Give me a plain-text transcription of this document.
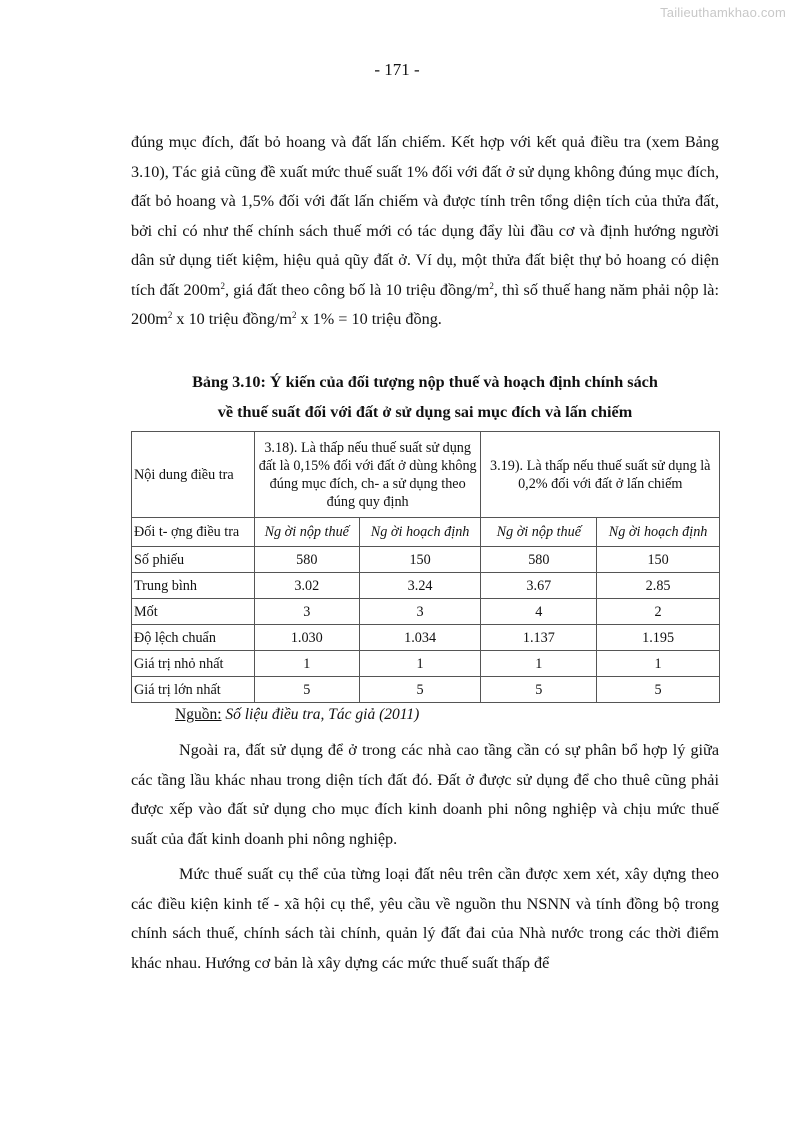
Tailieuthamkhao.com
- 171 -

đúng mục đích, đất bỏ hoang và đất lấn chiếm. Kết hợp với kết quả điều tra (xem Bảng 3.10), Tác giả cũng đề xuất mức thuế suất 1% đối với đất ở sử dụng không đúng mục đích, đất bỏ hoang và 1,5% đối với đất lấn chiếm và được tính trên tổng diện tích của thửa đất, bởi chỉ có như thế chính sách thuế mới có tác dụng đẩy lùi đầu cơ và định hướng người dân sử dụng tiết kiệm, hiệu quả qũy đất ở. Ví dụ, một thửa đất biệt thự bỏ hoang có diện tích đất $200m^2$, giá đất theo công bố là 10 triệu đồng/$m^2$, thì số thuế hang năm phải nộp là: $200m^2$ x 10 triệu đồng/$m^2$ x 1% = 10 triệu đồng.

Bảng 3.10: Ý kiến của đối tượng nộp thuế và hoạch định chính sách
về thuế suất đối với đất ở sử dụng sai mục đích và lấn chiếm
Nội dung điều tra	3.18). Là thấp nếu thuế suất sử dụng đất là 0,15% đối với đất ở dùng không đúng mục đích, ch- a sử dụng theo đúng quy định		3.19). Là thấp nếu thuế suất sử dụng là 0,2% đối với đất ở lấn chiếm	
Đối t- ợng điều tra	Ng ời nộp thuế	Ng ời hoạch định	Ng ời nộp thuế	Ng ời hoạch định
Số phiếu	580	150	580	150
Trung bình	3.02	3.24	3.67	2.85
Mốt	3	3	4	2
Độ lệch chuẩn	1.030	1.034	1.137	1.195
Giá trị nhỏ nhất	1	1	1	1
Giá trị lớn nhất	5	5	5	5
Nguồn: Số liệu điều tra, Tác giả (2011)

Ngoài ra, đất sử dụng để ở trong các nhà cao tầng cần có sự phân bổ hợp lý giữa các tầng lầu khác nhau trong diện tích đất đó. Đất ở được sử dụng để cho thuê cũng phải được xếp vào đất sử dụng cho mục đích kinh doanh phi nông nghiệp và chịu mức thuế suất của đất kinh doanh phi nông nghiệp.

Mức thuế suất cụ thể của từng loại đất nêu trên cần được xem xét, xây dựng theo các điều kiện kinh tế - xã hội cụ thể, yêu cầu về nguồn thu NSNN và tính đồng bộ trong chính sách thuế, chính sách tài chính, quản lý đất đai của Nhà nước trong các thời điểm khác nhau. Hướng cơ bản là xây dựng các mức thuế suất thấp để
